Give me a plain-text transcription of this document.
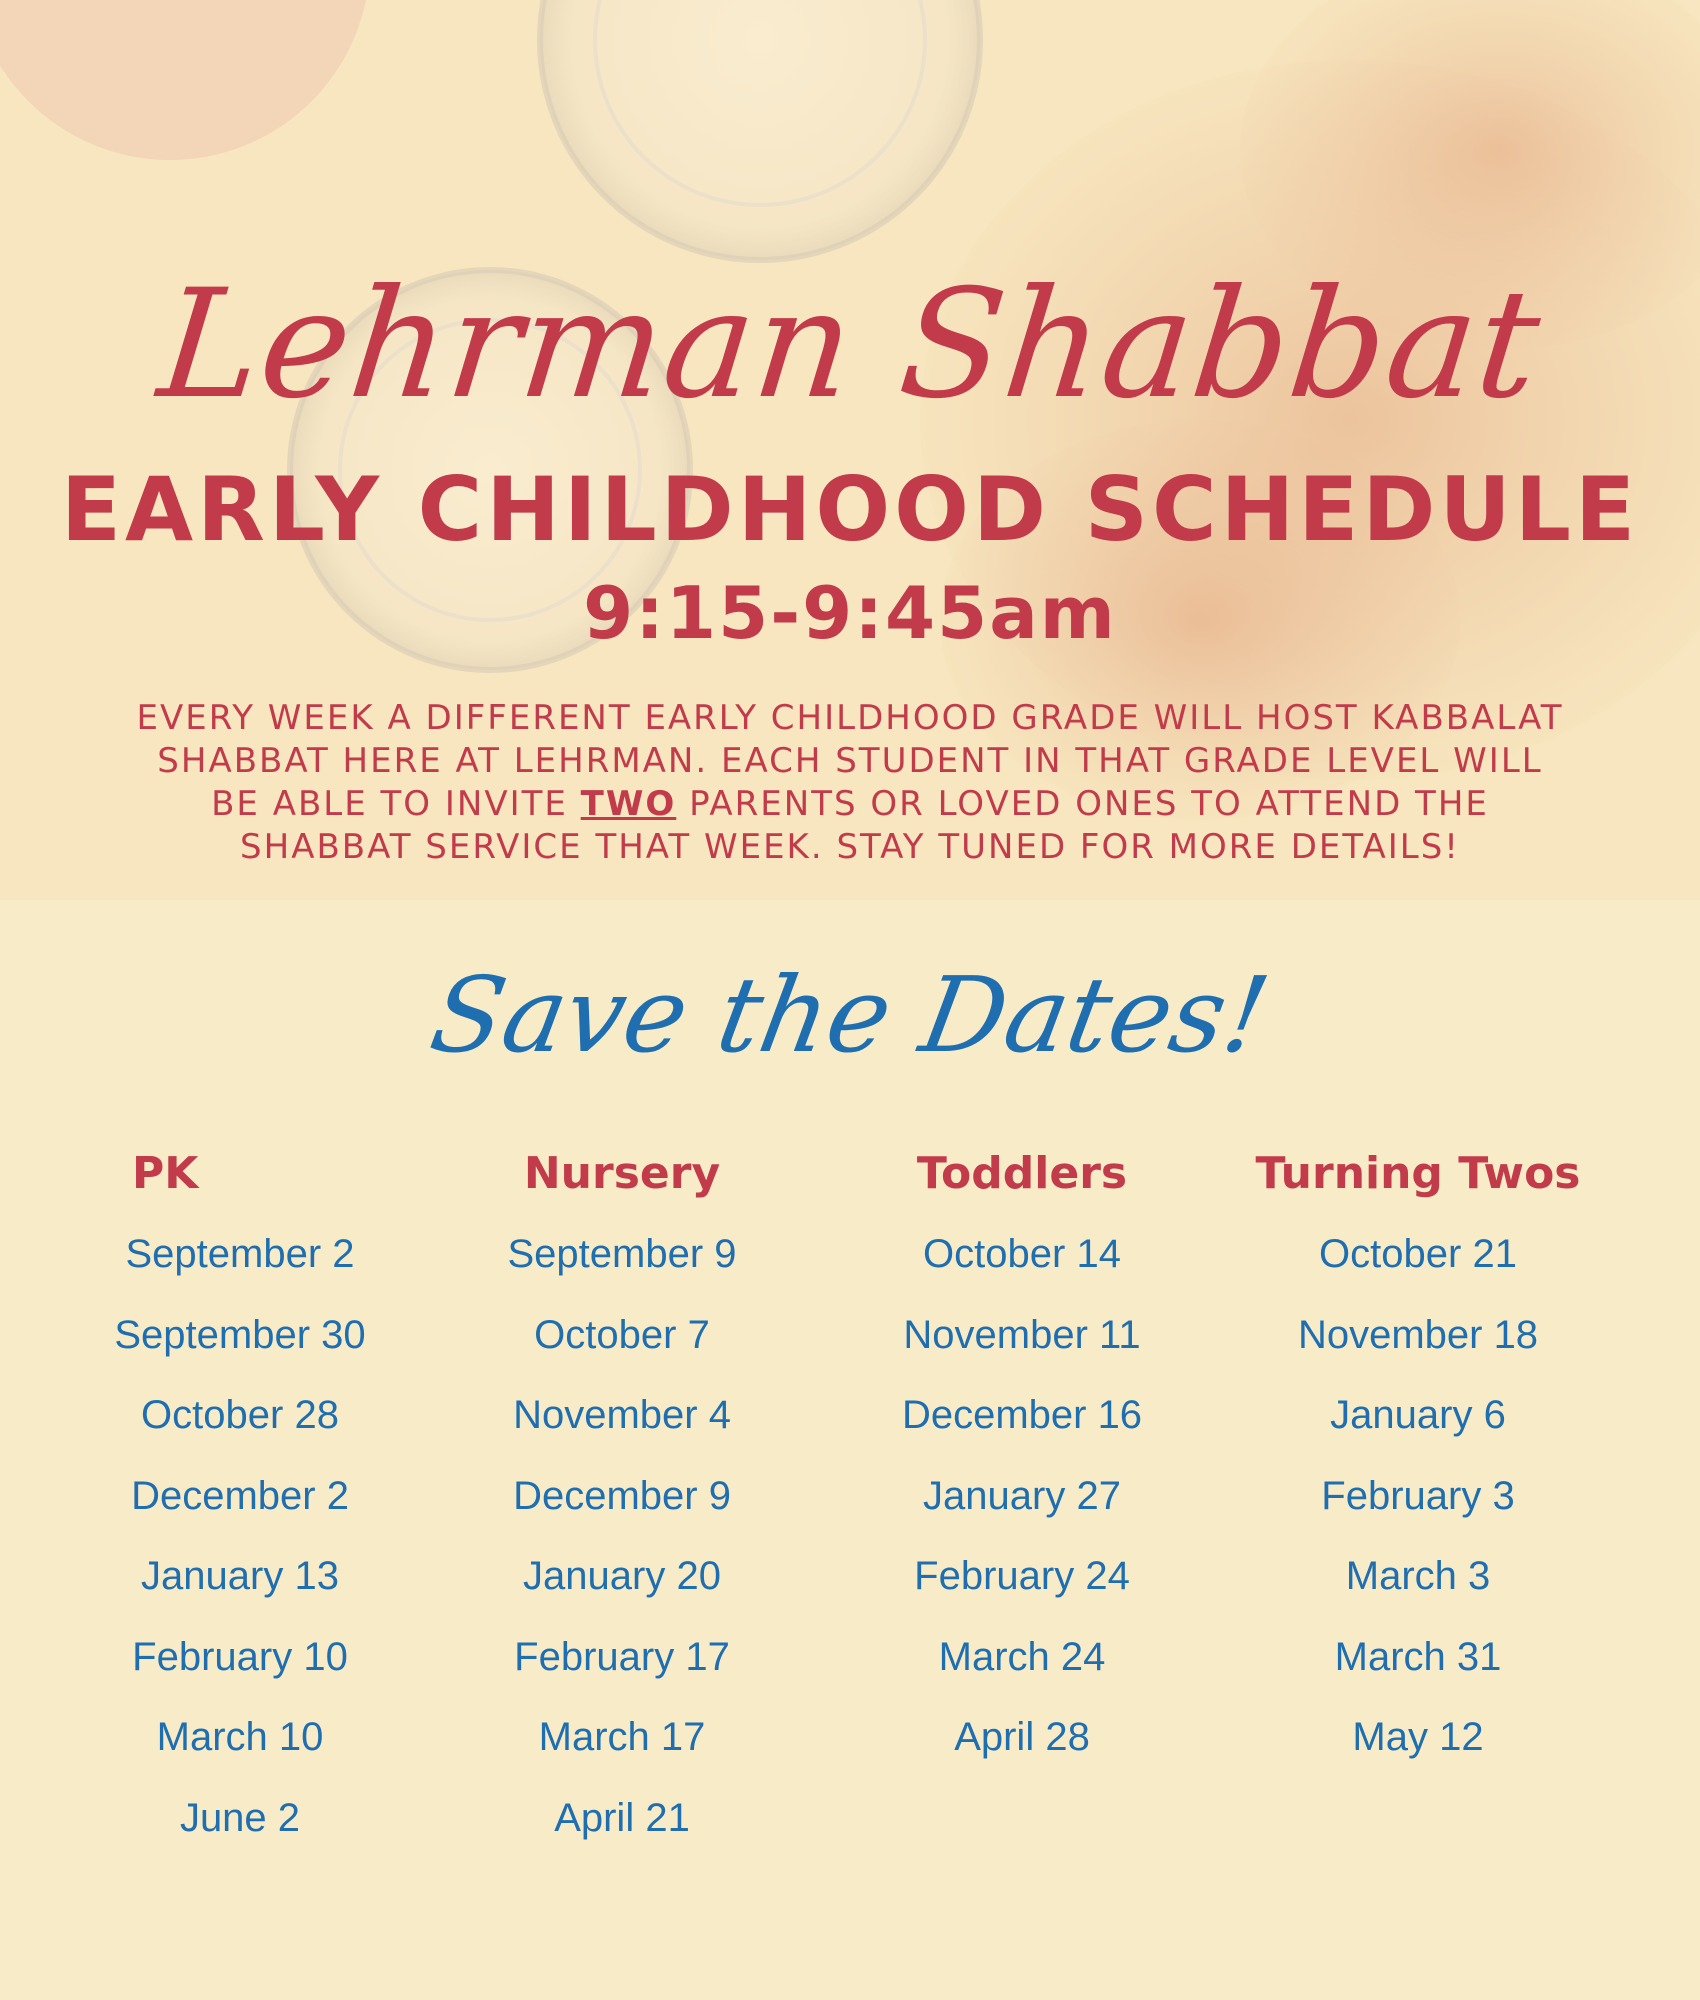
Lehrman Shabbat
EARLY CHILDHOOD SCHEDULE
9:15-9:45am
EVERY WEEK A DIFFERENT EARLY CHILDHOOD GRADE WILL HOST KABBALAT SHABBAT HERE AT LEHRMAN. EACH STUDENT IN THAT GRADE LEVEL WILL BE ABLE TO INVITE TWO PARENTS OR LOVED ONES TO ATTEND THE SHABBAT SERVICE THAT WEEK. STAY TUNED FOR MORE DETAILS!
Save the Dates!
PK
September 2
September 30
October 28
December 2
January 13
February 10
March 10
June 2
Nursery
September 9
October 7
November 4
December 9
January 20
February 17
March 17
April 21
Toddlers
October 14
November 11
December 16
January 27
February 24
March 24
April 28
Turning Twos
October 21
November 18
January 6
February 3
March 3
March 31
May 12
